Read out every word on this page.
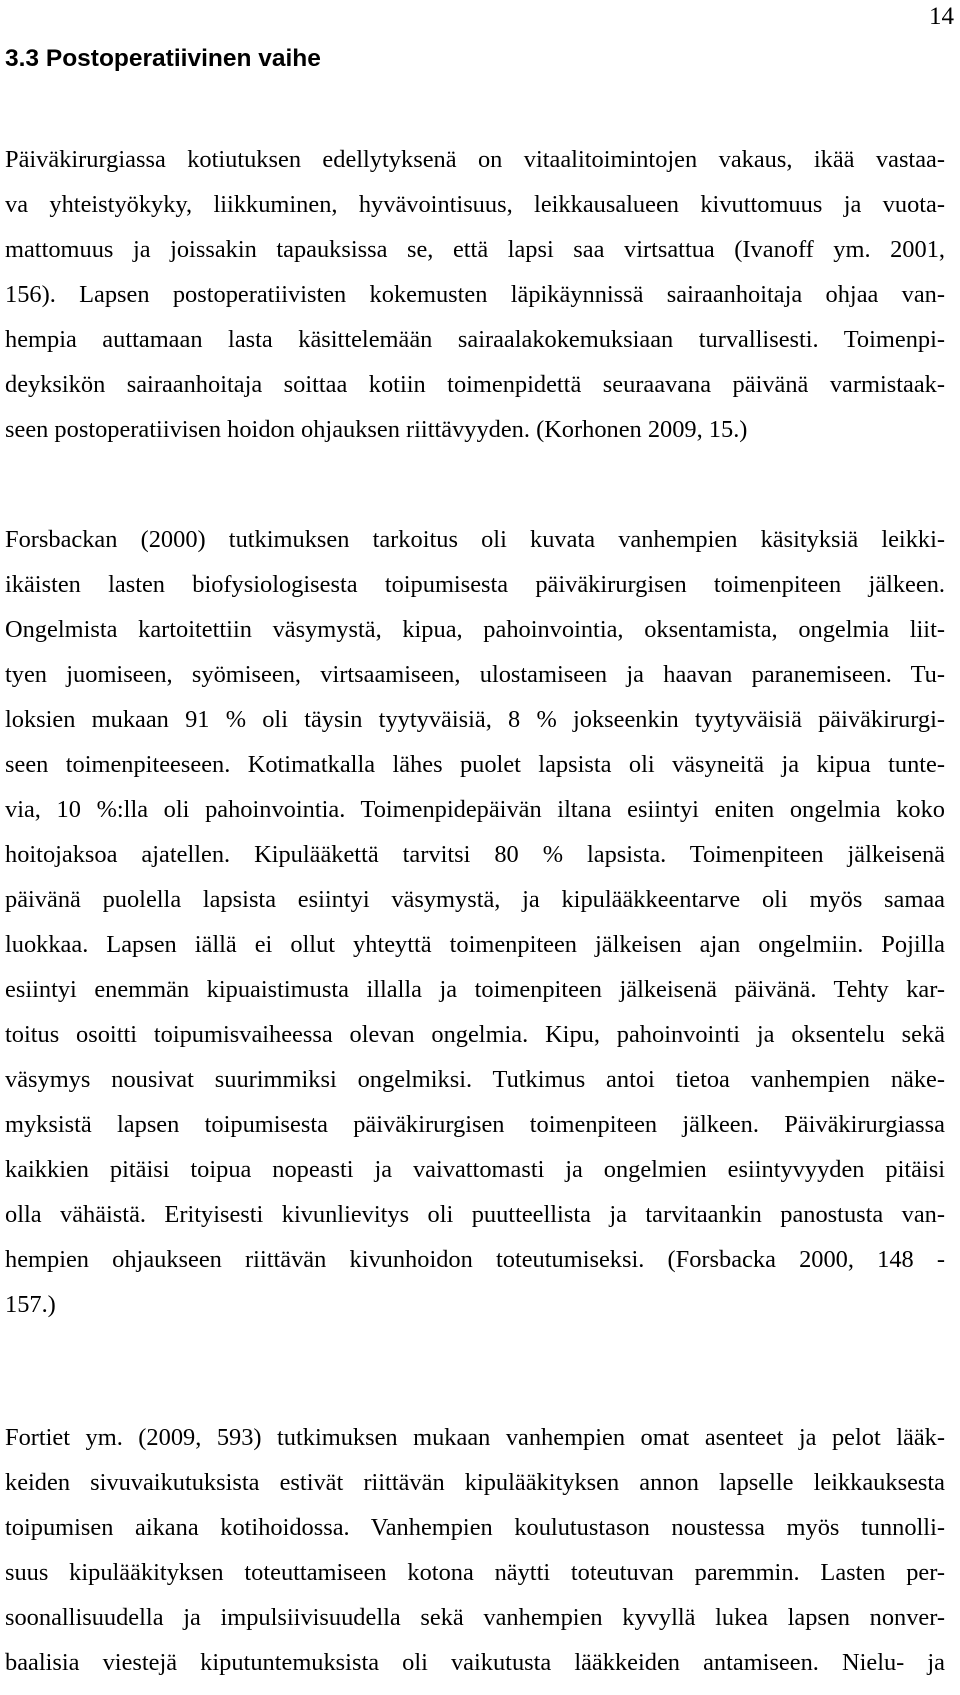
14
3.3 Postoperatiivinen vaihe
Päiväkirurgiassa kotiutuksen edellytyksenä on vitaalitoimintojen vakaus, ikää vastaa-
va yhteistyökyky, liikkuminen, hyvävointisuus, leikkausalueen kivuttomuus ja vuota-
mattomuus ja joissakin tapauksissa se, että lapsi saa virtsattua (Ivanoff ym. 2001,
156). Lapsen postoperatiivisten kokemusten läpikäynnissä sairaanhoitaja ohjaa van-
hempia auttamaan lasta käsittelemään sairaalakokemuksiaan turvallisesti. Toimenpi-
deyksikön sairaanhoitaja soittaa kotiin toimenpidettä seuraavana päivänä varmistaak-
seen postoperatiivisen hoidon ohjauksen riittävyyden. (Korhonen 2009, 15.)
Forsbackan (2000) tutkimuksen tarkoitus oli kuvata vanhempien käsityksiä leikki-
ikäisten lasten biofysiologisesta toipumisesta päiväkirurgisen toimenpiteen jälkeen.
Ongelmista kartoitettiin väsymystä, kipua, pahoinvointia, oksentamista, ongelmia liit-
tyen juomiseen, syömiseen, virtsaamiseen, ulostamiseen ja haavan paranemiseen. Tu-
loksien mukaan 91 % oli täysin tyytyväisiä, 8 % jokseenkin tyytyväisiä päiväkirurgi-
seen toimenpiteeseen. Kotimatkalla lähes puolet lapsista oli väsyneitä ja kipua tunte-
via, 10 %:lla oli pahoinvointia. Toimenpidepäivän iltana esiintyi eniten ongelmia koko
hoitojaksoa ajatellen. Kipulääkettä tarvitsi 80 % lapsista. Toimenpiteen jälkeisenä
päivänä puolella lapsista esiintyi väsymystä, ja kipulääkkeentarve oli myös samaa
luokkaa. Lapsen iällä ei ollut yhteyttä toimenpiteen jälkeisen ajan ongelmiin. Pojilla
esiintyi enemmän kipuaistimusta illalla ja toimenpiteen jälkeisenä päivänä. Tehty kar-
toitus osoitti toipumisvaiheessa olevan ongelmia. Kipu, pahoinvointi ja oksentelu sekä
väsymys nousivat suurimmiksi ongelmiksi. Tutkimus antoi tietoa vanhempien näke-
myksistä lapsen toipumisesta päiväkirurgisen toimenpiteen jälkeen. Päiväkirurgiassa
kaikkien pitäisi toipua nopeasti ja vaivattomasti ja ongelmien esiintyvyyden pitäisi
olla vähäistä. Erityisesti kivunlievitys oli puutteellista ja tarvitaankin panostusta van-
hempien ohjaukseen riittävän kivunhoidon toteutumiseksi. (Forsbacka 2000, 148 -
157.)
Fortiet ym. (2009, 593) tutkimuksen mukaan vanhempien omat asenteet ja pelot lääk-
keiden sivuvaikutuksista estivät riittävän kipulääkityksen annon lapselle leikkauksesta
toipumisen aikana kotihoidossa. Vanhempien koulutustason noustessa myös tunnolli-
suus kipulääkityksen toteuttamiseen kotona näytti toteutuvan paremmin. Lasten per-
soonallisuudella ja impulsiivisuudella sekä vanhempien kyvyllä lukea lapsen nonver-
baalisia viestejä kiputuntemuksista oli vaikutusta lääkkeiden antamiseen. Nielu- ja
